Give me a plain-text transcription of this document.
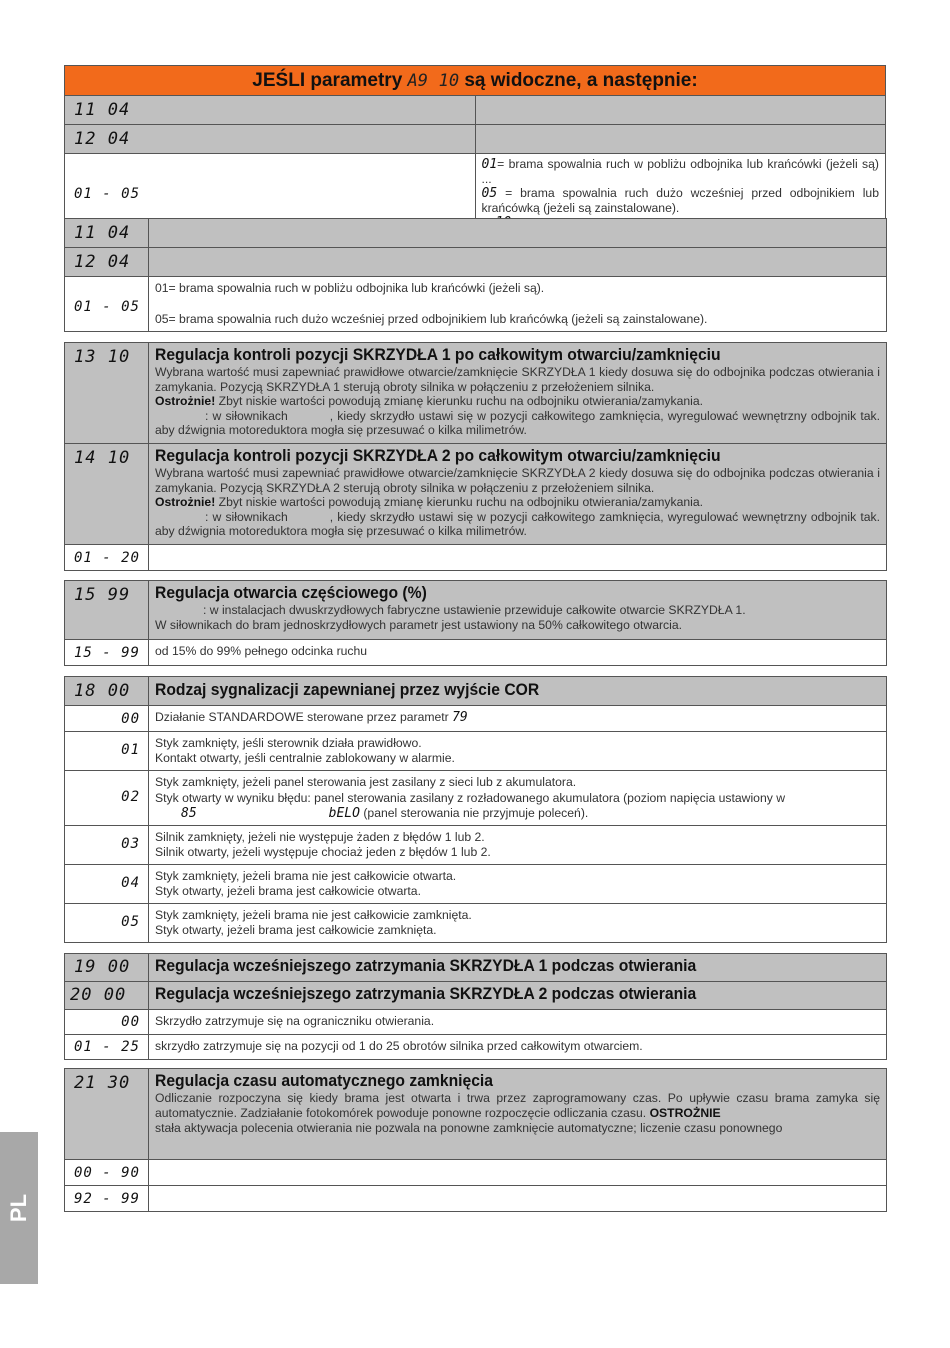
JEŚLI parametry A9 10 są widoczne, a następnie:	

11 04	

12 04	

01 - 05	01= brama spowalnia ruch w pobliżu odbojnika lub krańcówki (jeżeli są) ...
05 = brama spowalnia ruch dużo wcześniej przed odbojnikiem lub krańcówką (jeżeli są zainstalowane).
11 04	

12 04	

01 - 05	01= brama spowalnia ruch w pobliżu odbojnika lub krańcówki (jeżeli są).
05= brama spowalnia ruch dużo wcześniej przed odbojnikiem lub krańcówką (jeżeli są zainstalowane).
13 10	Regulacja kontroli pozycji SKRZYDŁA 1 po całkowitym otwarciu/zamknięciu
Wybrana wartość musi zapewniać prawidłowe otwarcie/zamknięcie SKRZYDŁA 1 kiedy dosuwa się do odbojnika podczas otwierania i zamykania. Pozycją SKRZYDŁA 1 sterują obroty silnika w połączeniu z przełożeniem silnika.
Ostrożnie! Zbyt niskie wartości powodują zmianę kierunku ruchu na odbojniku otwierania/zamykania.
: w siłownikach , kiedy skrzydło ustawi się w pozycji całkowitego zamknięcia, wyregulować wewnętrzny odbojnik tak. aby dźwignia motoreduktora mogła się przesuwać o kilka milimetrów.

14 10	Regulacja kontroli pozycji SKRZYDŁA 2 po całkowitym otwarciu/zamknięciu
Wybrana wartość musi zapewniać prawidłowe otwarcie/zamknięcie SKRZYDŁA 2 kiedy dosuwa się do odbojnika podczas otwierania i zamykania. Pozycją SKRZYDŁA 2 sterują obroty silnika w połączeniu z przełożeniem silnika.
Ostrożnie! Zbyt niskie wartości powodują zmianę kierunku ruchu na odbojniku otwierania/zamykania.
: w siłownikach , kiedy skrzydło ustawi się w pozycji całkowitego zamknięcia, wyregulować wewnętrzny odbojnik tak. aby dźwignia motoreduktora mogła się przesuwać o kilka milimetrów.

01 - 20	

15 99	Regulacja otwarcia częściowego (%)
: w instalacjach dwuskrzydłowych fabryczne ustawienie przewiduje całkowite otwarcie SKRZYDŁA 1.
W siłownikach do bram jednoskrzydłowych parametr jest ustawiony na 50% całkowitego otwarcia.

15 - 99	od 15% do 99% pełnego odcinka ruchu
18 00	Rodzaj sygnalizacji zapewnianej przez wyjście COR

00	Działanie STANDARDOWE sterowane przez parametr 79

01	Styk zamknięty, jeśli sterownik działa prawidłowo.
Kontakt otwarty, jeśli centralnie zablokowany w alarmie.

02	Styk zamknięty, jeżeli panel sterowania jest zasilany z sieci lub z akumulatora.
Styk otwarty w wyniku błędu: panel sterowania zasilany z rozładowanego akumulatora (poziom napięcia ustawiony w
85 bELO (panel sterowania nie przyjmuje poleceń).

03	Silnik zamknięty, jeżeli nie występuje żaden z błędów 1 lub 2.
Silnik otwarty, jeżeli występuje chociaż jeden z błędów 1 lub 2.

04	Styk zamknięty, jeżeli brama nie jest całkowicie otwarta.
Styk otwarty, jeżeli brama jest całkowicie otwarta.

05	Styk zamknięty, jeżeli brama nie jest całkowicie zamknięta.
Styk otwarty, jeżeli brama jest całkowicie zamknięta.
19 00	Regulacja wcześniejszego zatrzymania SKRZYDŁA 1 podczas otwierania

20 00	Regulacja wcześniejszego zatrzymania SKRZYDŁA 2 podczas otwierania

00	Skrzydło zatrzymuje się na ograniczniku otwierania.

01 - 25	skrzydło zatrzymuje się na pozycji od 1 do 25 obrotów silnika przed całkowitym otwarciem.
21 30	Regulacja czasu automatycznego zamknięcia
Odliczanie rozpoczyna się kiedy brama jest otwarta i trwa przez zaprogramowany czas. Po upływie czasu brama zamyka się automatycznie. Zadziałanie fotokomórek powoduje ponowne rozpoczęcie odliczania czasu. OSTROŻNIE
stała aktywacja polecenia otwierania nie pozwala na ponowne zamknięcie automatyczne; liczenie czasu ponownego

00 - 90	

92 - 99	

PL
